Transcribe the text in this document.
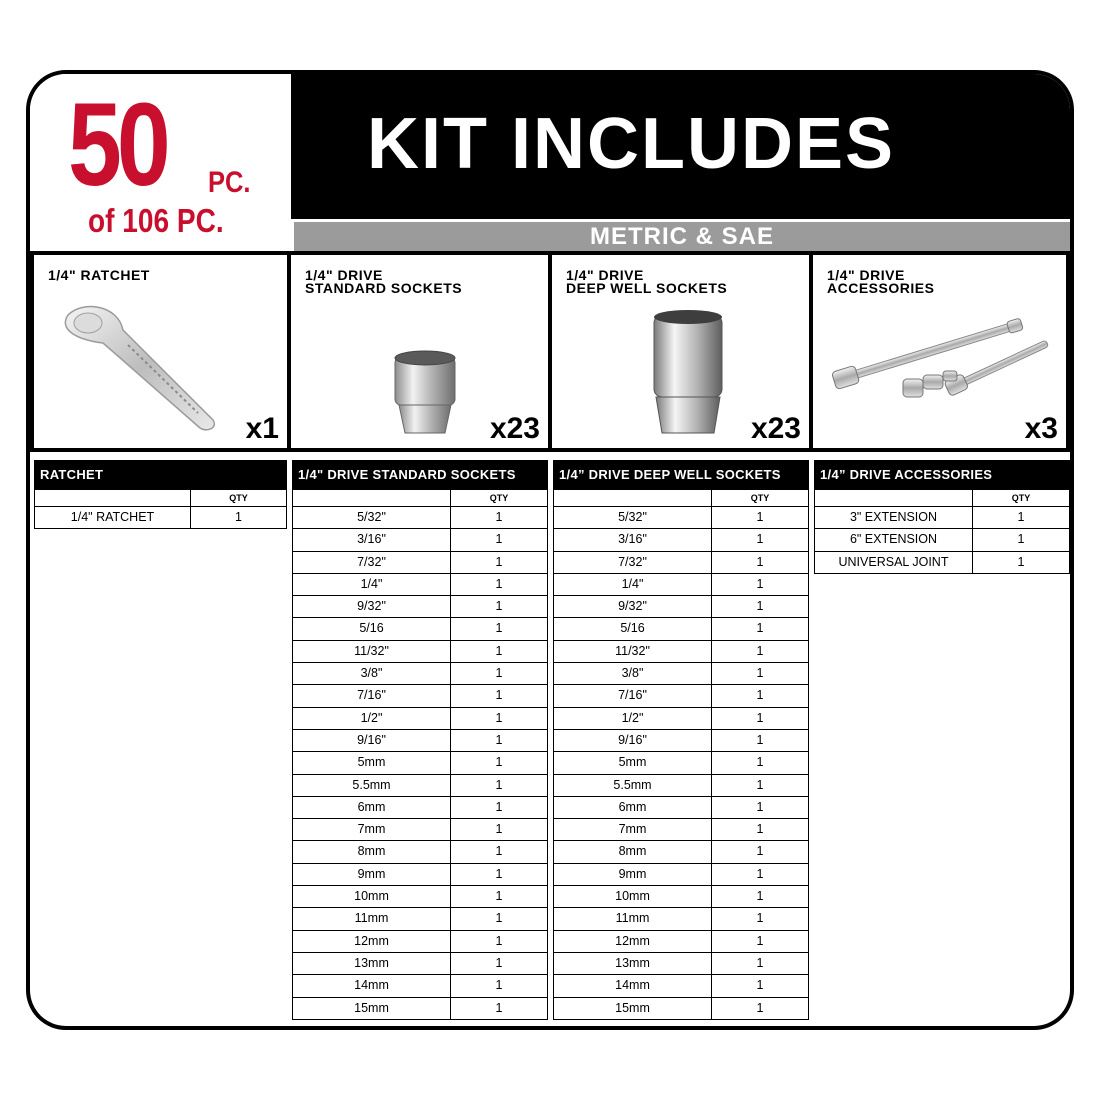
50 PC.
of 106 PC.
KIT INCLUDES
METRIC & SAE
1/4" RATCHET
x1
1/4" DRIVE
STANDARD SOCKETS
x23
1/4" DRIVE
DEEP WELL SOCKETS
x23
1/4" DRIVE
ACCESSORIES
x3
RATCHET
QTY
1/4" RATCHET	1
1/4" DRIVE STANDARD SOCKETS
QTY
5/32"	1
3/16"	1
7/32"	1
1/4"	1
9/32"	1
5/16	1
11/32"	1
3/8"	1
7/16"	1
1/2"	1
9/16"	1
5mm	1
5.5mm	1
6mm	1
7mm	1
8mm	1
9mm	1
10mm	1
11mm	1
12mm	1
13mm	1
14mm	1
15mm	1
1/4” DRIVE DEEP WELL SOCKETS
QTY
5/32"	1
3/16"	1
7/32"	1
1/4"	1
9/32"	1
5/16	1
11/32"	1
3/8"	1
7/16"	1
1/2"	1
9/16"	1
5mm	1
5.5mm	1
6mm	1
7mm	1
8mm	1
9mm	1
10mm	1
11mm	1
12mm	1
13mm	1
14mm	1
15mm	1
1/4” DRIVE ACCESSORIES
QTY
3" EXTENSION	1
6" EXTENSION	1
UNIVERSAL JOINT	1
